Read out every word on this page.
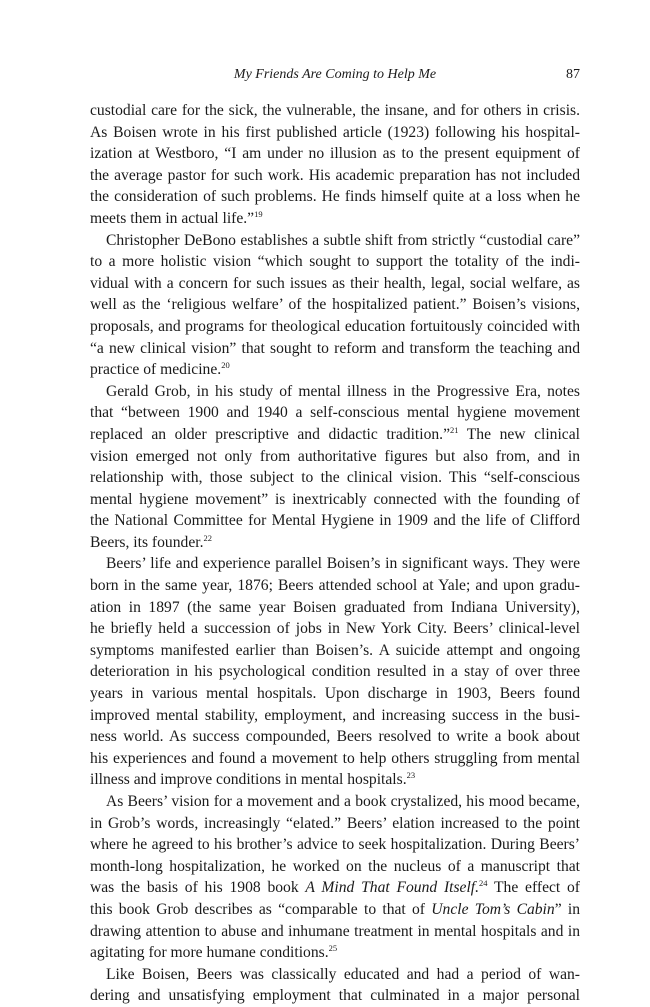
My Friends Are Coming to Help Me	87
custodial care for the sick, the vulnerable, the insane, and for others in crisis.
As Boisen wrote in his first published article (1923) following his hospital-
ization at Westboro, “I am under no illusion as to the present equipment of
the average pastor for such work. His academic preparation has not included
the consideration of such problems. He finds himself quite at a loss when he
meets them in actual life.”$^{19}$
Christopher DeBono establishes a subtle shift from strictly “custodial care”
to a more holistic vision “which sought to support the totality of the indi-
vidual with a concern for such issues as their health, legal, social welfare, as
well as the ‘religious welfare’ of the hospitalized patient.” Boisen’s visions,
proposals, and programs for theological education fortuitously coincided with
“a new clinical vision” that sought to reform and transform the teaching and
practice of medicine.$^{20}$
Gerald Grob, in his study of mental illness in the Progressive Era, notes
that “between 1900 and 1940 a self-conscious mental hygiene movement
replaced an older prescriptive and didactic tradition.”$^{21}$ The new clinical
vision emerged not only from authoritative figures but also from, and in
relationship with, those subject to the clinical vision. This “self-conscious
mental hygiene movement” is inextricably connected with the founding of
the National Committee for Mental Hygiene in 1909 and the life of Clifford
Beers, its founder.$^{22}$
Beers’ life and experience parallel Boisen’s in significant ways. They were
born in the same year, 1876; Beers attended school at Yale; and upon gradu-
ation in 1897 (the same year Boisen graduated from Indiana University),
he briefly held a succession of jobs in New York City. Beers’ clinical-level
symptoms manifested earlier than Boisen’s. A suicide attempt and ongoing
deterioration in his psychological condition resulted in a stay of over three
years in various mental hospitals. Upon discharge in 1903, Beers found
improved mental stability, employment, and increasing success in the busi-
ness world. As success compounded, Beers resolved to write a book about
his experiences and found a movement to help others struggling from mental
illness and improve conditions in mental hospitals.$^{23}$
As Beers’ vision for a movement and a book crystalized, his mood became,
in Grob’s words, increasingly “elated.” Beers’ elation increased to the point
where he agreed to his brother’s advice to seek hospitalization. During Beers’
month-long hospitalization, he worked on the nucleus of a manuscript that
was the basis of his 1908 book A Mind That Found Itself.$^{24}$ The effect of
this book Grob describes as “comparable to that of Uncle Tom’s Cabin” in
drawing attention to abuse and inhumane treatment in mental hospitals and in
agitating for more humane conditions.$^{25}$
Like Boisen, Beers was classically educated and had a period of wan-
dering and unsatisfying employment that culminated in a major personal
